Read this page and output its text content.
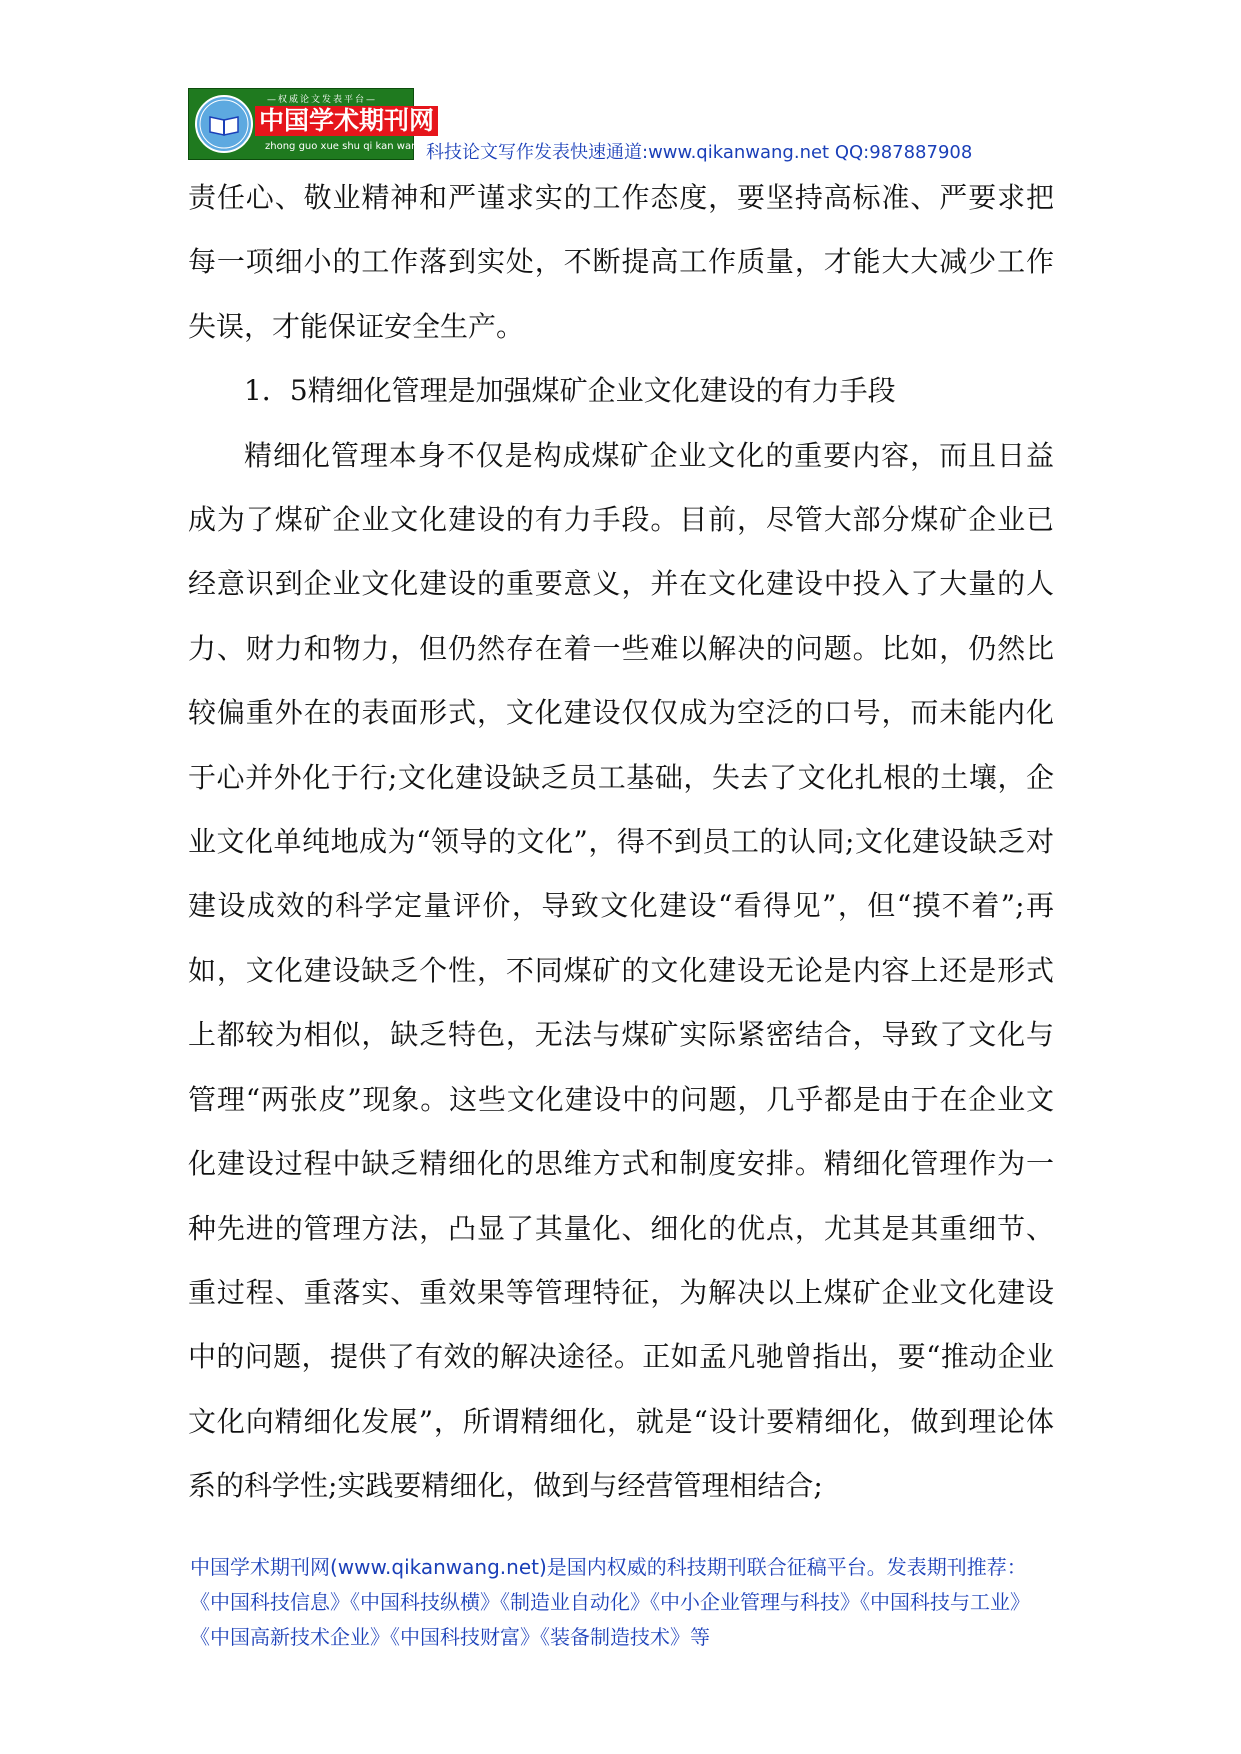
—权威论文发表平台—
中国学术期刊网
zhong guo xue shu qi kan wang 科技论文写作发表快速通道:www.qikanwang.net QQ:987887908

责任心、敬业精神和严谨求实的工作态度，要坚持高标准、严要求把每一项细小的工作落到实处，不断提高工作质量，才能大大减少工作失误，才能保证安全生产。

1．5精细化管理是加强煤矿企业文化建设的有力手段

精细化管理本身不仅是构成煤矿企业文化的重要内容，而且日益成为了煤矿企业文化建设的有力手段。目前，尽管大部分煤矿企业已经意识到企业文化建设的重要意义，并在文化建设中投入了大量的人力、财力和物力，但仍然存在着一些难以解决的问题。比如，仍然比较偏重外在的表面形式，文化建设仅仅成为空泛的口号，而未能内化于心并外化于行;文化建设缺乏员工基础，失去了文化扎根的土壤，企业文化单纯地成为“领导的文化”，得不到员工的认同;文化建设缺乏对建设成效的科学定量评价，导致文化建设“看得见”，但“摸不着”;再如，文化建设缺乏个性，不同煤矿的文化建设无论是内容上还是形式上都较为相似，缺乏特色，无法与煤矿实际紧密结合，导致了文化与管理“两张皮”现象。这些文化建设中的问题，几乎都是由于在企业文化建设过程中缺乏精细化的思维方式和制度安排。精细化管理作为一种先进的管理方法，凸显了其量化、细化的优点，尤其是其重细节、重过程、重落实、重效果等管理特征，为解决以上煤矿企业文化建设中的问题，提供了有效的解决途径。正如孟凡驰曾指出，要“推动企业文化向精细化发展”，所谓精细化，就是“设计要精细化，做到理论体系的科学性;实践要精细化，做到与经营管理相结合;

中国学术期刊网(www.qikanwang.net)是国内权威的科技期刊联合征稿平台。发表期刊推荐：《中国科技信息》《中国科技纵横》《制造业自动化》《中小企业管理与科技》《中国科技与工业》《中国高新技术企业》《中国科技财富》《装备制造技术》等
